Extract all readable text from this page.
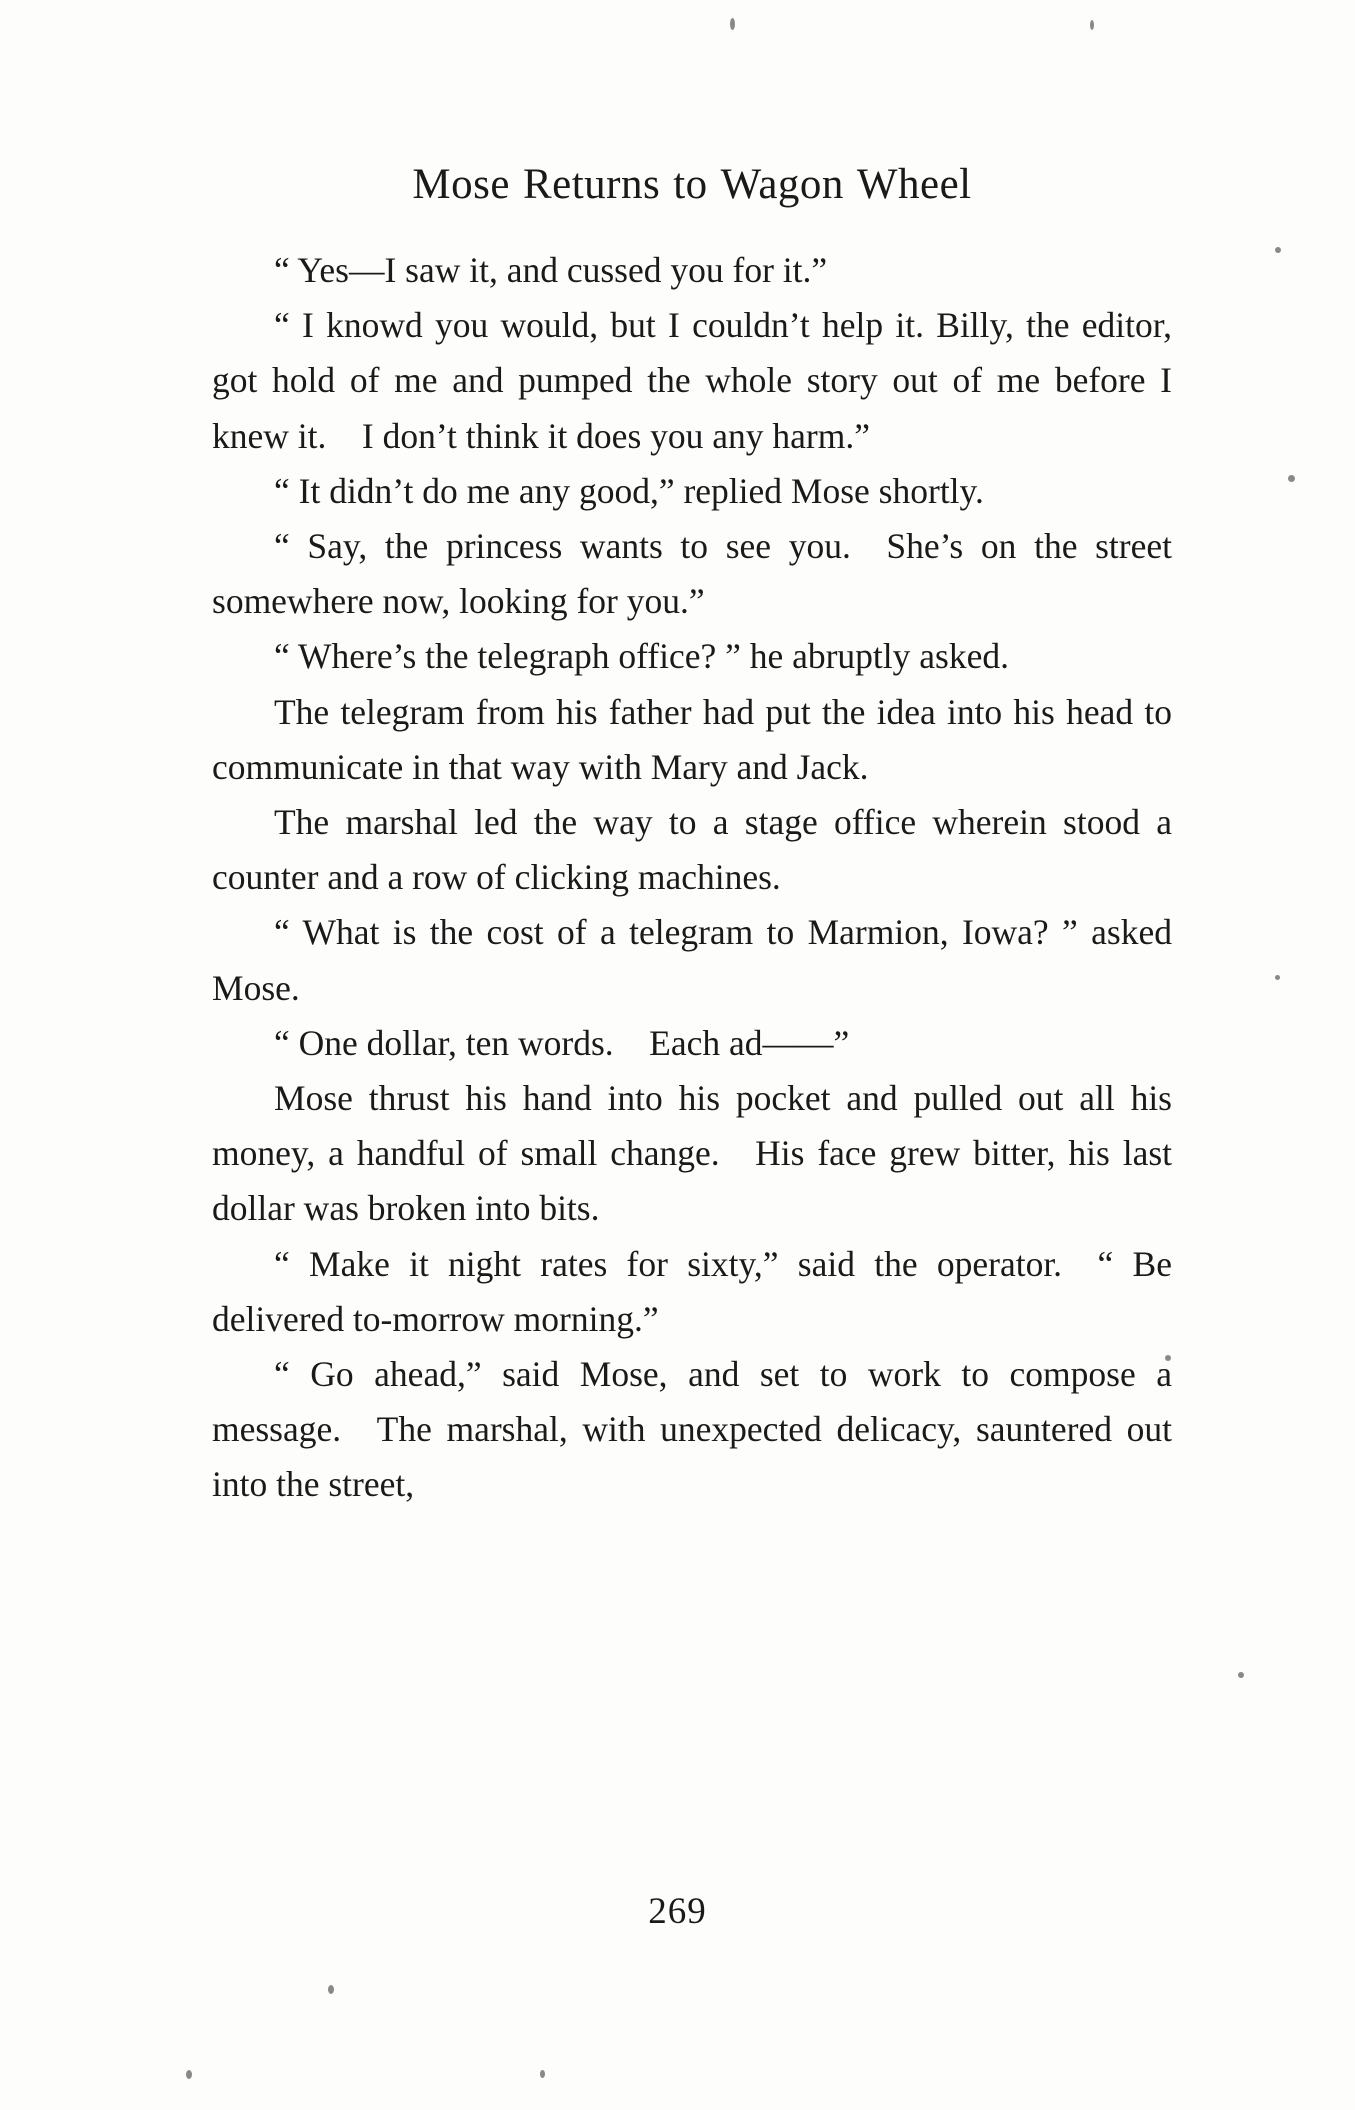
Mose Returns to Wagon Wheel

“ Yes—I saw it, and cussed you for it.”

“ I knowd you would, but I couldn’t help it. Billy, the editor, got hold of me and pumped the whole story out of me before I knew it. I don’t think it does you any harm.”

“ It didn’t do me any good,” replied Mose shortly.

“ Say, the princess wants to see you. She’s on the street somewhere now, looking for you.”

“ Where’s the telegraph office? ” he abruptly asked.

The telegram from his father had put the idea into his head to communicate in that way with Mary and Jack.

The marshal led the way to a stage office wherein stood a counter and a row of clicking machines.

“ What is the cost of a telegram to Marmion, Iowa? ” asked Mose.

“ One dollar, ten words. Each ad——”

Mose thrust his hand into his pocket and pulled out all his money, a handful of small change. His face grew bitter, his last dollar was broken into bits.

“ Make it night rates for sixty,” said the operator. “ Be delivered to-morrow morning.”

“ Go ahead,” said Mose, and set to work to compose a message. The marshal, with unexpected delicacy, sauntered out into the street,

269
